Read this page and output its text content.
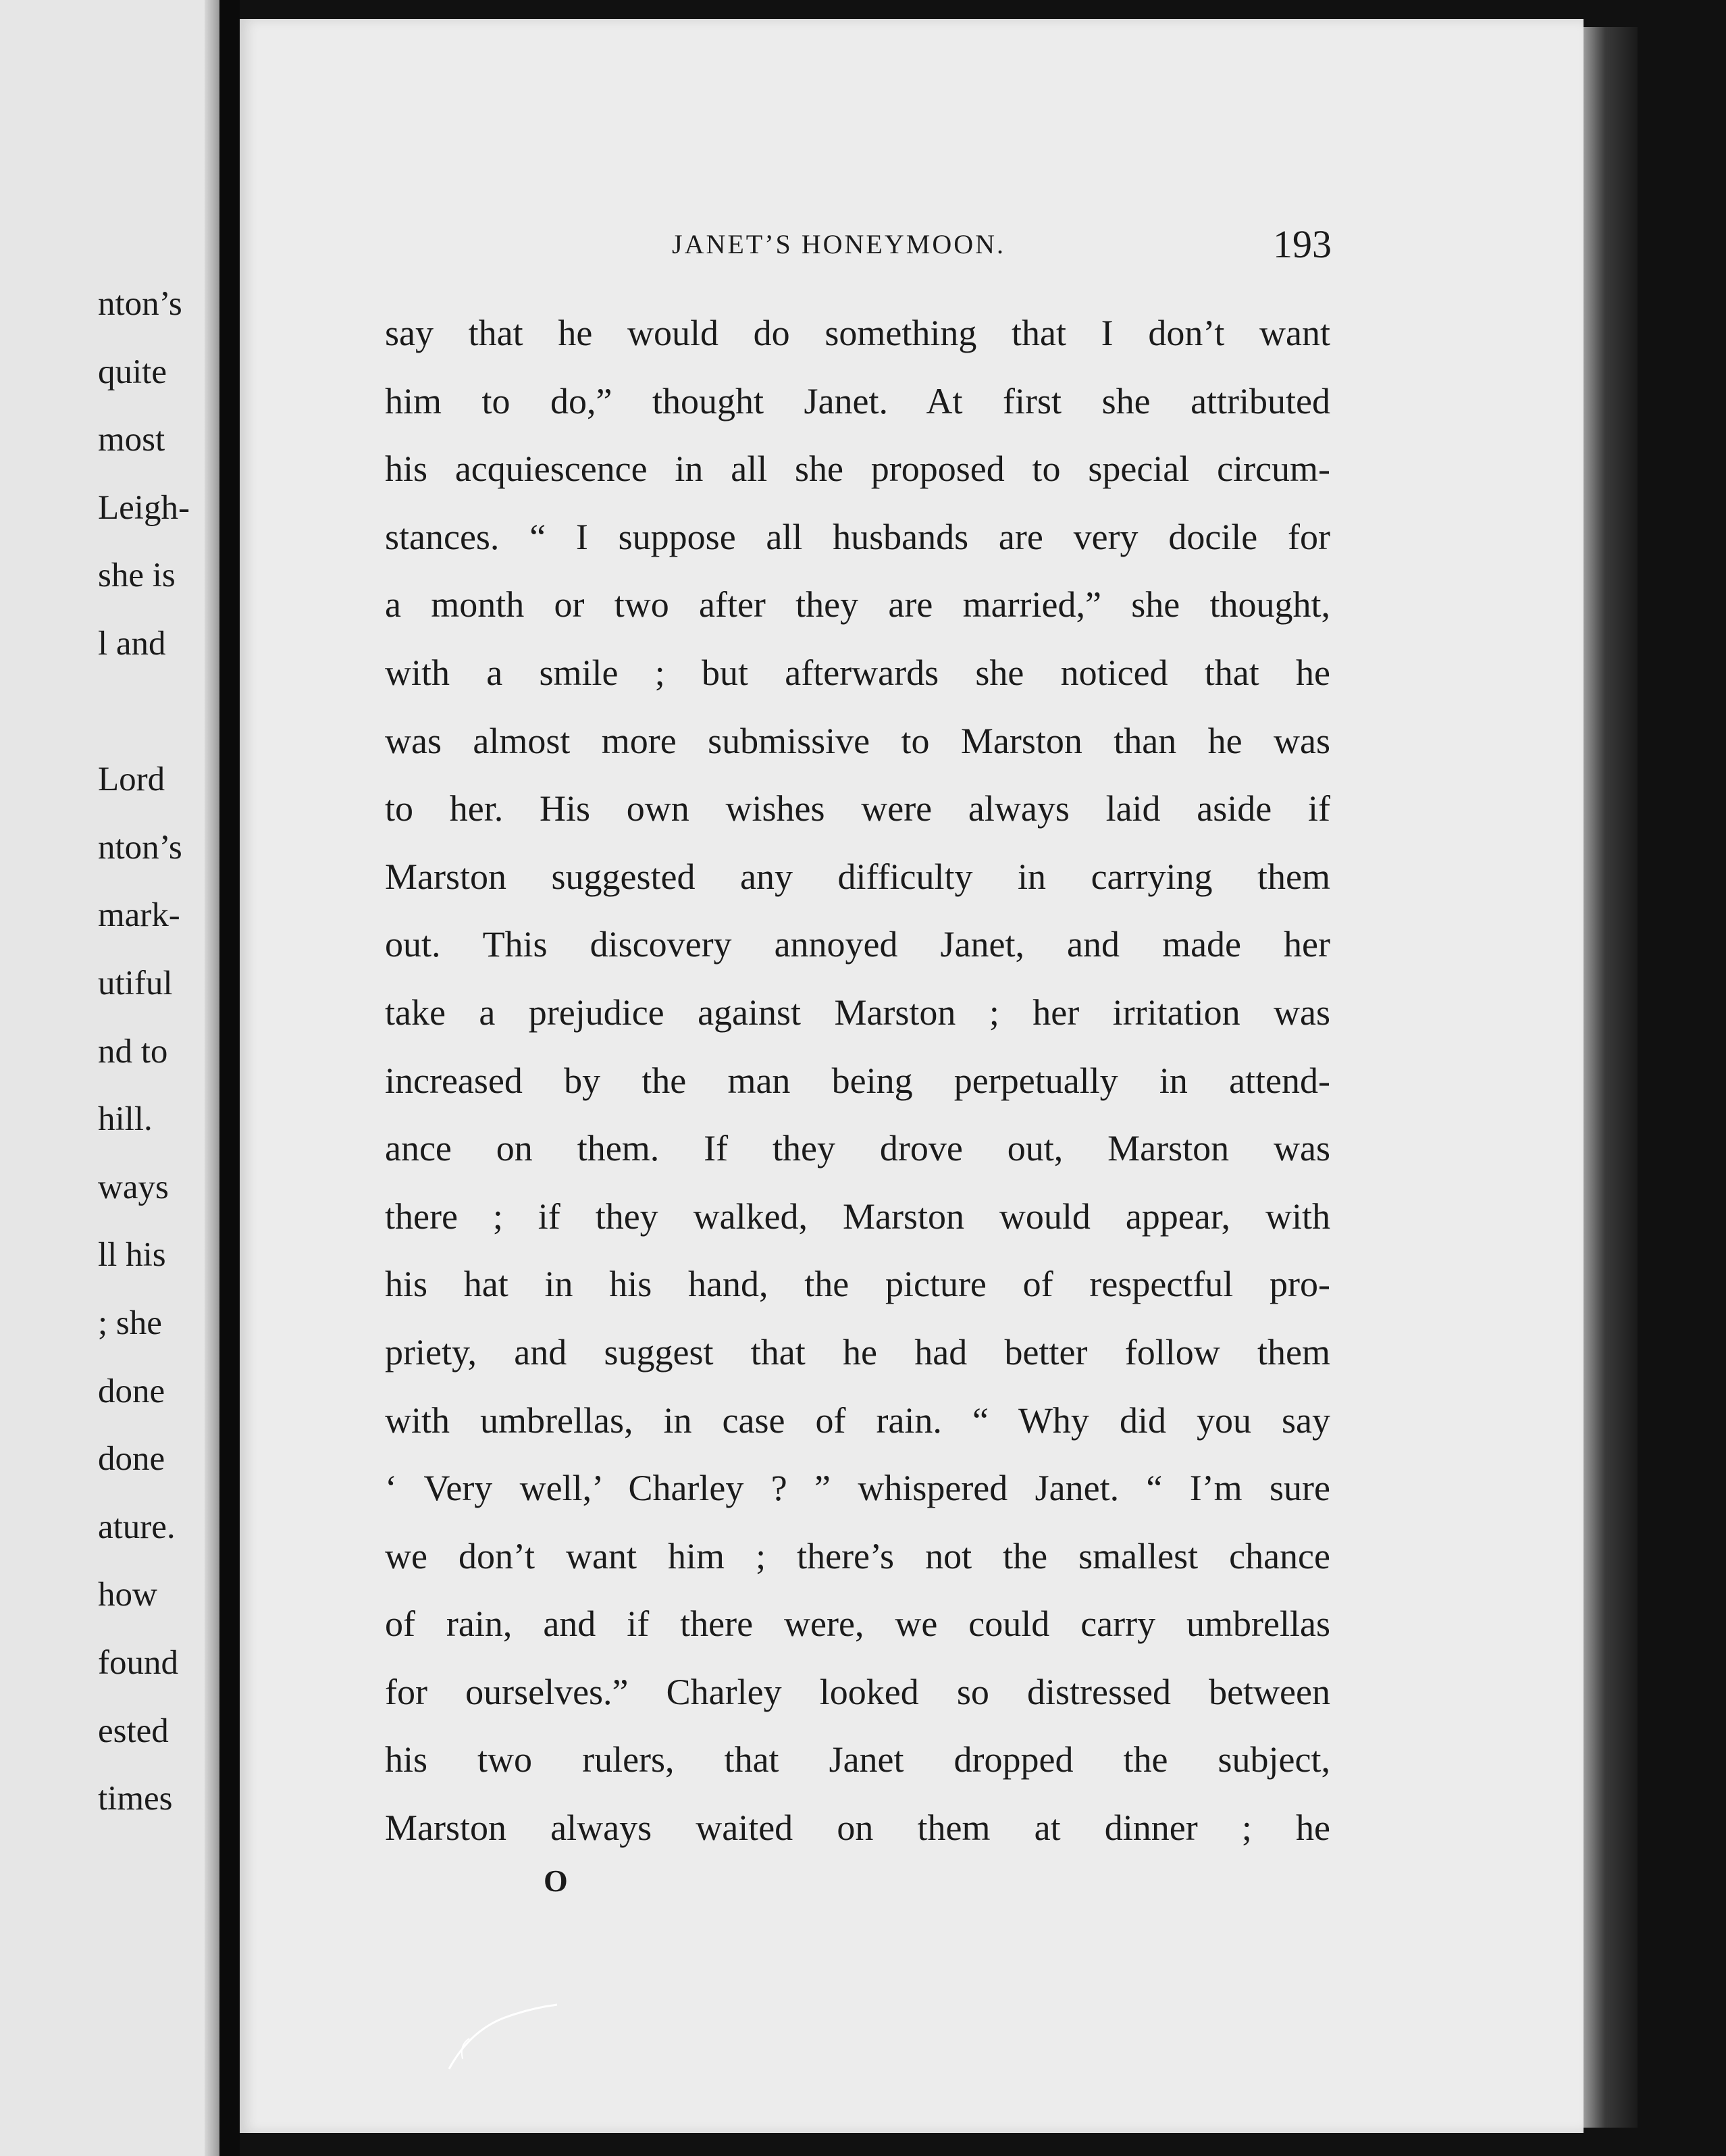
nton’s
quite
most
Leigh-
she is
l and
Lord
nton’s
mark-
utiful
nd to
hill.
ways
ll his
; she
done
done
ature.
how
found
ested
times
JANET’S HONEYMOON.	193
say that he would do something that I don’t want
him to do,” thought Janet. At first she attributed
his acquiescence in all she proposed to special circum-
stances. “ I suppose all husbands are very docile for
a month or two after they are married,” she thought,
with a smile ; but afterwards she noticed that he
was almost more submissive to Marston than he was
to her. His own wishes were always laid aside if
Marston suggested any difficulty in carrying them
out. This discovery annoyed Janet, and made her
take a prejudice against Marston ; her irritation was
increased by the man being perpetually in attend-
ance on them. If they drove out, Marston was
there ; if they walked, Marston would appear, with
his hat in his hand, the picture of respectful pro-
priety, and suggest that he had better follow them
with umbrellas, in case of rain. “ Why did you say
‘ Very well,’ Charley ? ” whispered Janet. “ I’m sure
we don’t want him ; there’s not the smallest chance
of rain, and if there were, we could carry umbrellas
for ourselves.” Charley looked so distressed between
his two rulers, that Janet dropped the subject,
Marston always waited on them at dinner ; he
O
